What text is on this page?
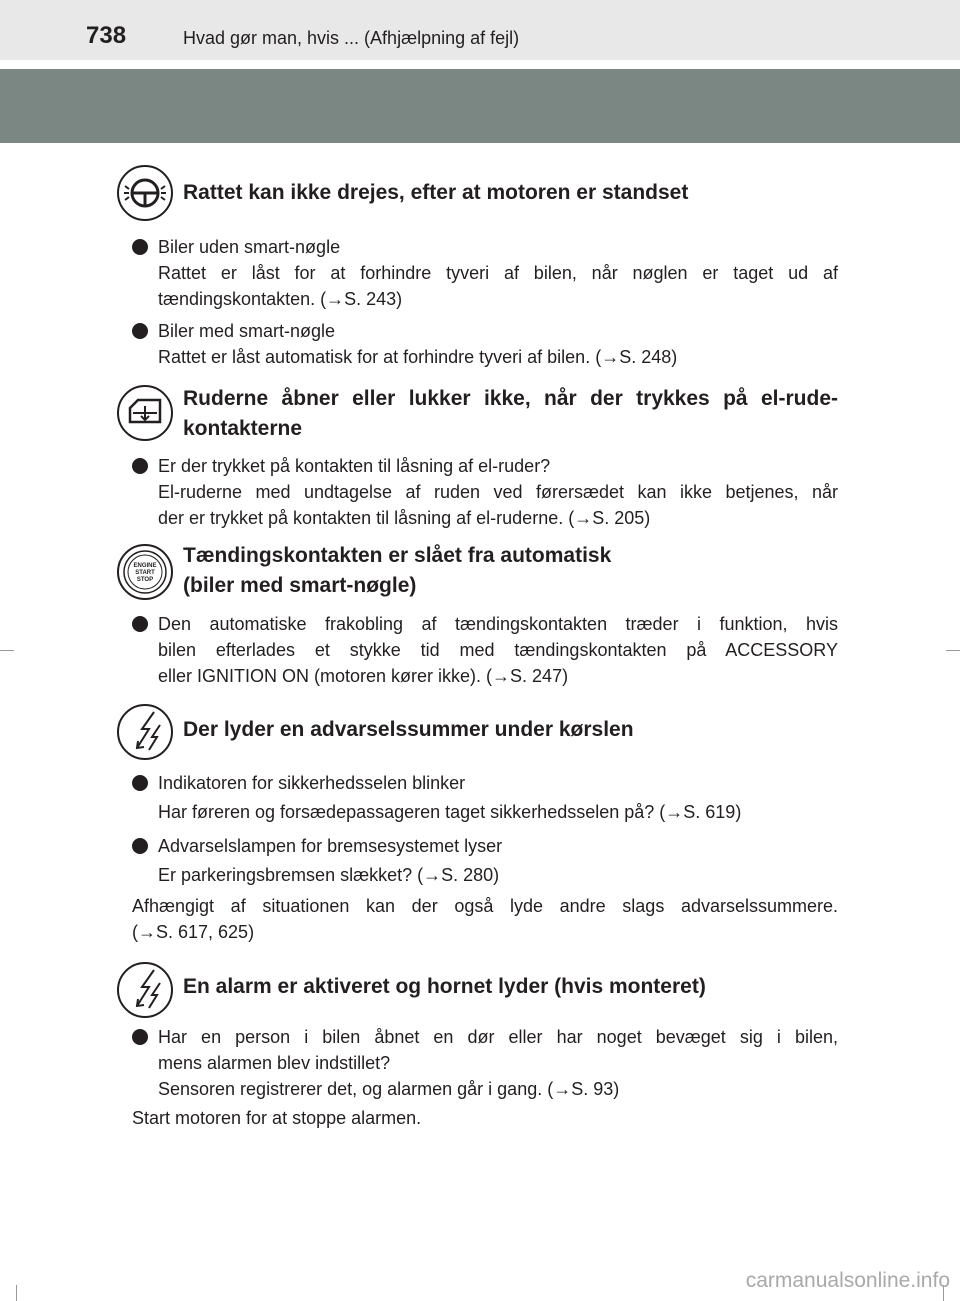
738	Hvad gør man, hvis ... (Afhjælpning af fejl)
Rattet kan ikke drejes, efter at motoren er standset
Biler uden smart-nøgle
Rattet er låst for at forhindre tyveri af bilen, når nøglen er taget ud af
tændingskontakten. (→S. 243)
Biler med smart-nøgle
Rattet er låst automatisk for at forhindre tyveri af bilen. (→S. 248)
Ruderne åbner eller lukker ikke, når der trykkes på el-rude-
kontakterne
Er der trykket på kontakten til låsning af el-ruder?
El-ruderne med undtagelse af ruden ved førersædet kan ikke betjenes, når
der er trykket på kontakten til låsning af el-ruderne. (→S. 205)
ENGINE
START
STOP
Tændingskontakten er slået fra automatisk
(biler med smart-nøgle)
Den automatiske frakobling af tændingskontakten træder i funktion, hvis
bilen efterlades et stykke tid med tændingskontakten på ACCESSORY
eller IGNITION ON (motoren kører ikke). (→S. 247)
Der lyder en advarselssummer under kørslen
Indikatoren for sikkerhedsselen blinker
Har føreren og forsædepassageren taget sikkerhedsselen på? (→S. 619)
Advarselslampen for bremsesystemet lyser
Er parkeringsbremsen slækket? (→S. 280)
Afhængigt af situationen kan der også lyde andre slags advarselssummere.
(→S. 617, 625)
En alarm er aktiveret og hornet lyder (hvis monteret)
Har en person i bilen åbnet en dør eller har noget bevæget sig i bilen,
mens alarmen blev indstillet?
Sensoren registrerer det, og alarmen går i gang. (→S. 93)
Start motoren for at stoppe alarmen.
carmanualsonline.info
